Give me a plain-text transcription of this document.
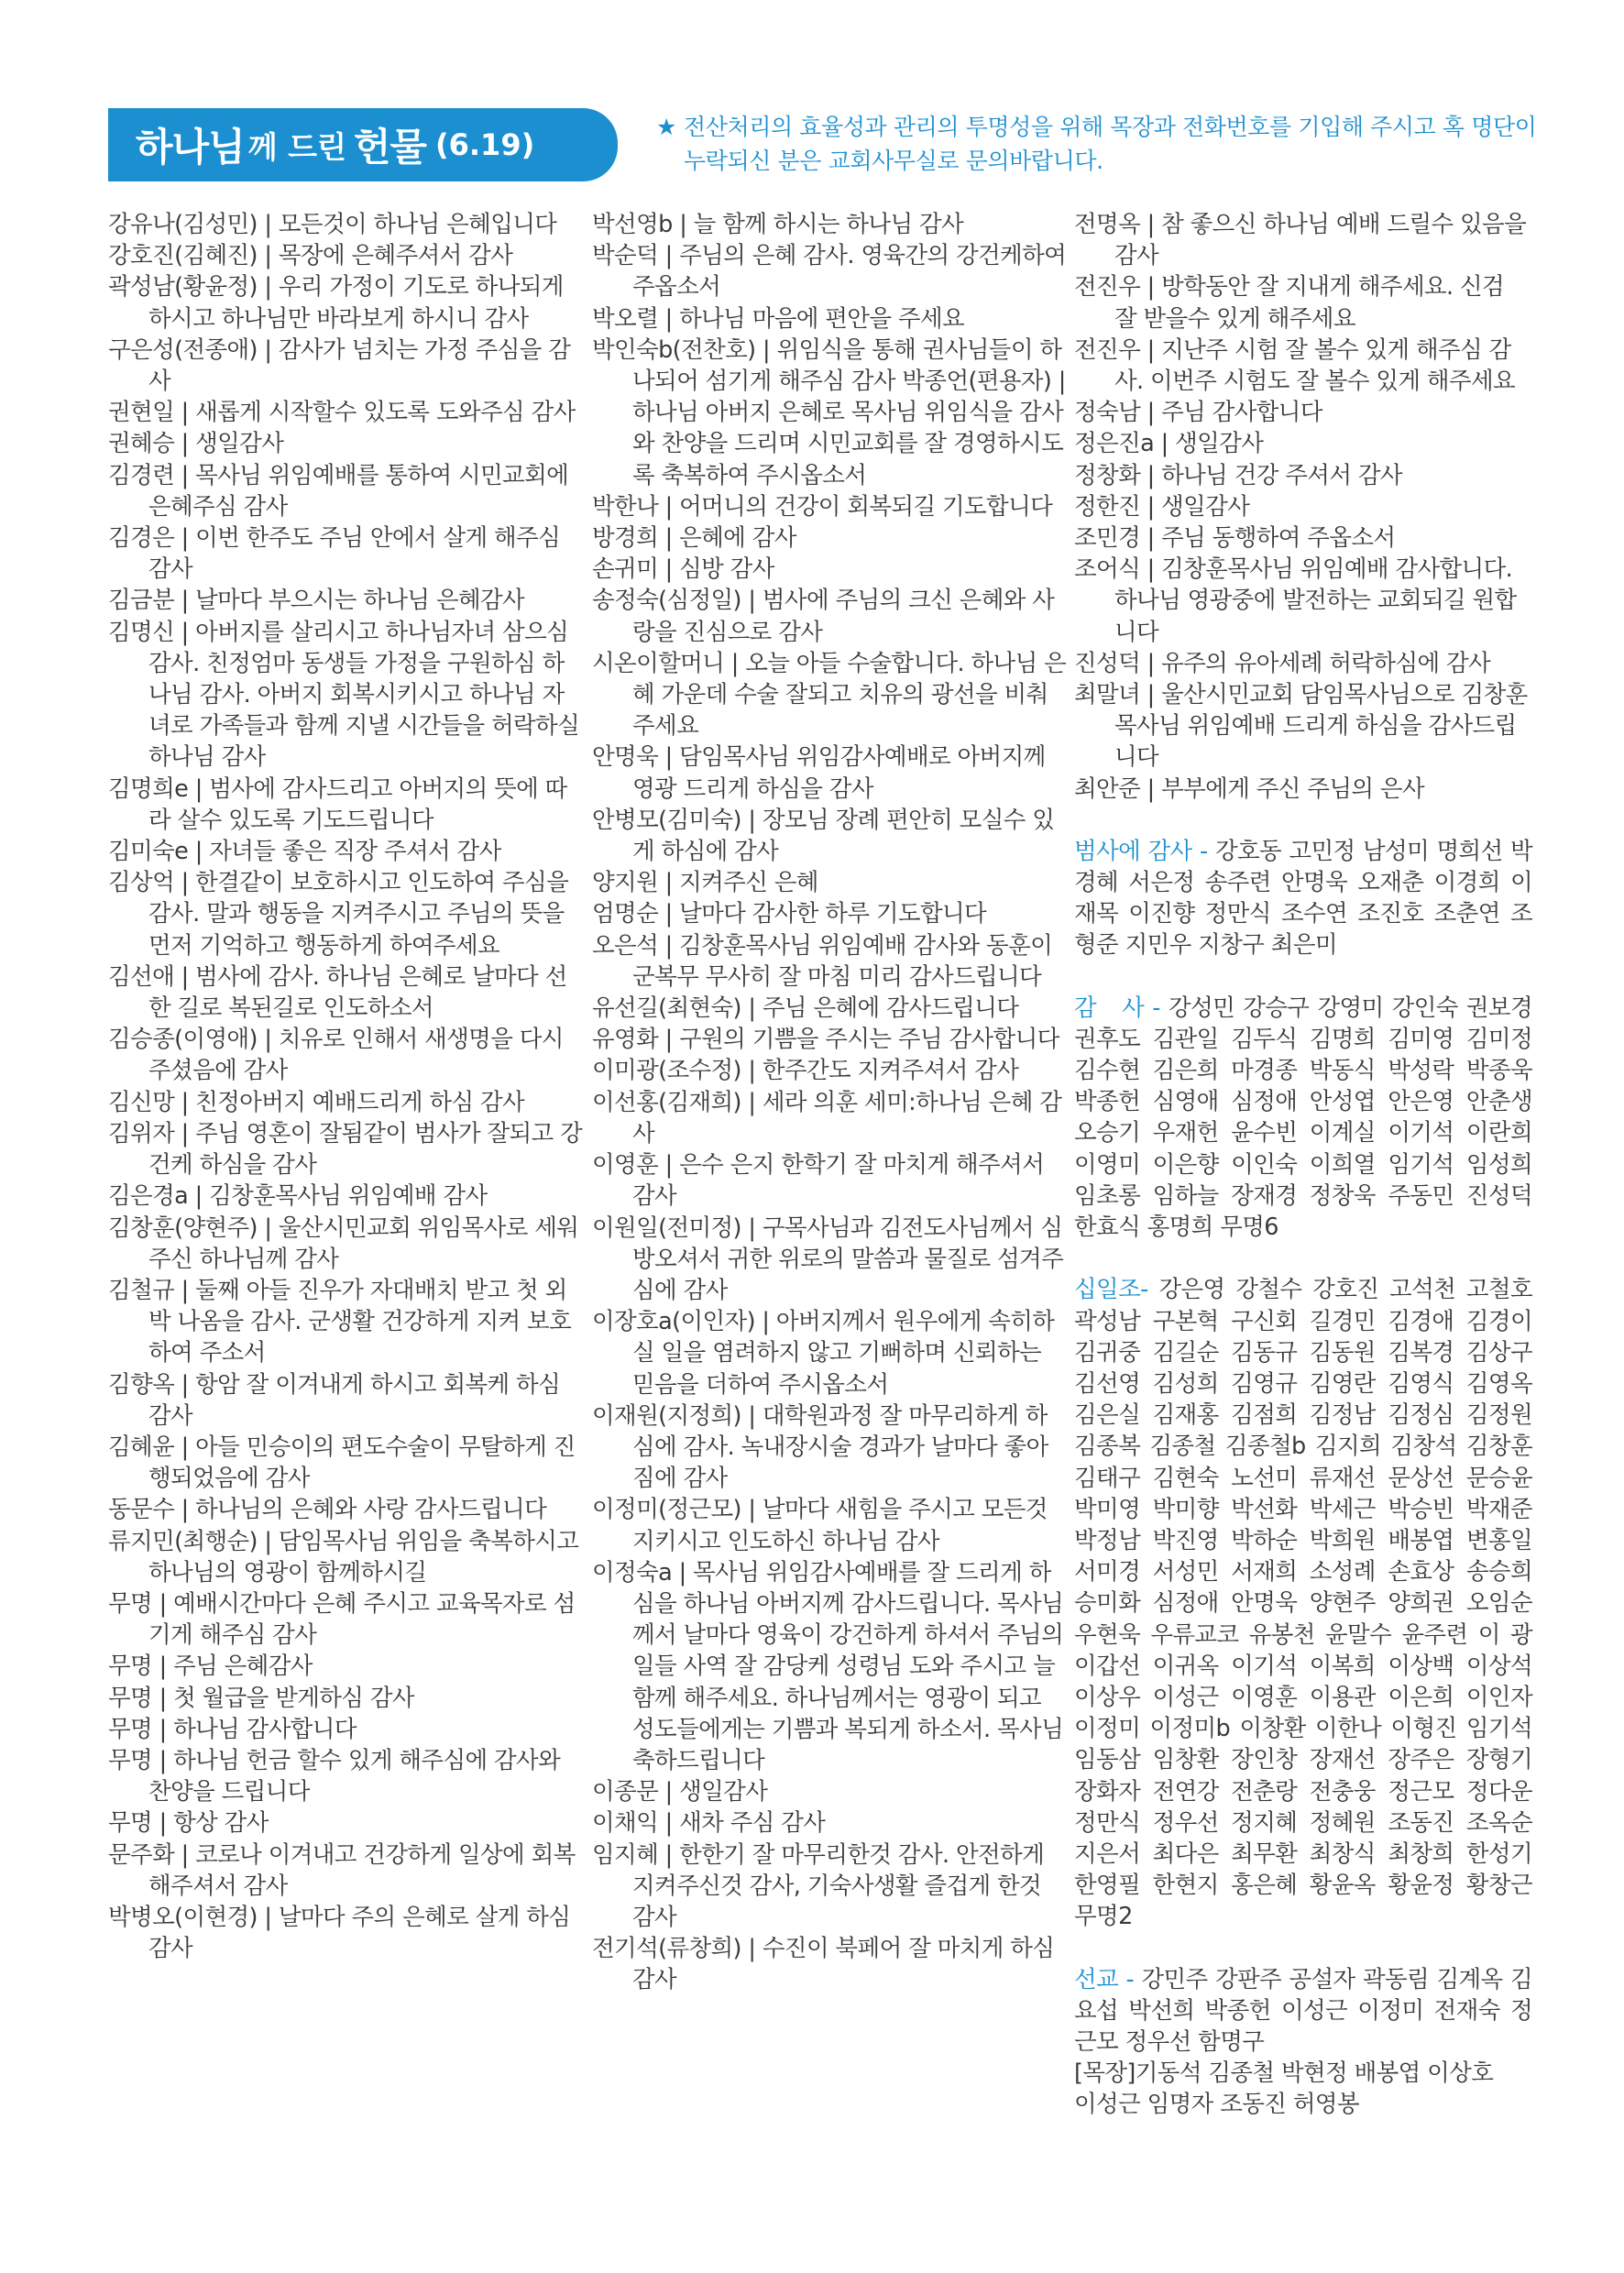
하나님 께 드린 헌물 (6.19)
★ 전산처리의 효율성과 관리의 투명성을 위해 목장과 전화번호를 기입해 주시고 혹 명단이 누락되신 분은 교회사무실로 문의바랍니다.
강유나(김성민) | 모든것이 하나님 은혜입니다
강호진(김혜진) | 목장에 은혜주셔서 감사
곽성남(황윤정) | 우리 가정이 기도로 하나되게 하시고 하나님만 바라보게 하시니 감사
구은성(전종애) | 감사가 넘치는 가정 주심을 감사
권현일 | 새롭게 시작할수 있도록 도와주심 감사
권혜승 | 생일감사
김경련 | 목사님 위임예배를 통하여 시민교회에 은혜주심 감사
김경은 | 이번 한주도 주님 안에서 살게 해주심 감사
김금분 | 날마다 부으시는 하나님 은혜감사
김명신 | 아버지를 살리시고 하나님자녀 삼으심 감사. 친정엄마 동생들 가정을 구원하심 하나님 감사. 아버지 회복시키시고 하나님 자녀로 가족들과 함께 지낼 시간들을 허락하실 하나님 감사
김명희e | 범사에 감사드리고 아버지의 뜻에 따라 살수 있도록 기도드립니다
김미숙e | 자녀들 좋은 직장 주셔서 감사
김상억 | 한결같이 보호하시고 인도하여 주심을 감사. 말과 행동을 지켜주시고 주님의 뜻을 먼저 기억하고 행동하게 하여주세요
김선애 | 범사에 감사. 하나님 은혜로 날마다 선한 길로 복된길로 인도하소서
김승종(이영애) | 치유로 인해서 새생명을 다시 주셨음에 감사
김신망 | 친정아버지 예배드리게 하심 감사
김위자 | 주님 영혼이 잘됨같이 범사가 잘되고 강건케 하심을 감사
김은경a | 김창훈목사님 위임예배 감사
김창훈(양현주) | 울산시민교회 위임목사로 세워주신 하나님께 감사
김철규 | 둘째 아들 진우가 자대배치 받고 첫 외박 나옴을 감사. 군생활 건강하게 지켜 보호하여 주소서
김향옥 | 항암 잘 이겨내게 하시고 회복케 하심 감사
김혜윤 | 아들 민승이의 편도수술이 무탈하게 진행되었음에 감사
동문수 | 하나님의 은혜와 사랑 감사드립니다
류지민(최행순) | 담임목사님 위임을 축복하시고 하나님의 영광이 함께하시길
무명 | 예배시간마다 은혜 주시고 교육목자로 섬기게 해주심 감사
무명 | 주님 은혜감사
무명 | 첫 월급을 받게하심 감사
무명 | 하나님 감사합니다
무명 | 하나님 헌금 할수 있게 해주심에 감사와 찬양을 드립니다
무명 | 항상 감사
문주화 | 코로나 이겨내고 건강하게 일상에 회복 해주셔서 감사
박병오(이현경) | 날마다 주의 은혜로 살게 하심 감사
박선영b | 늘 함께 하시는 하나님 감사
박순덕 | 주님의 은혜 감사. 영육간의 강건케하여 주옵소서
박오렬 | 하나님 마음에 편안을 주세요
박인숙b(전찬호) | 위임식을 통해 권사님들이 하나되어 섬기게 해주심 감사 박종언(편용자) | 하나님 아버지 은혜로 목사님 위임식을 감사와 찬양을 드리며 시민교회를 잘 경영하시도록 축복하여 주시옵소서
박한나 | 어머니의 건강이 회복되길 기도합니다
방경희 | 은혜에 감사
손귀미 | 심방 감사
송정숙(심정일) | 범사에 주님의 크신 은혜와 사랑을 진심으로 감사
시온이할머니 | 오늘 아들 수술합니다. 하나님 은혜 가운데 수술 잘되고 치유의 광선을 비춰주세요
안명욱 | 담임목사님 위임감사예배로 아버지께 영광 드리게 하심을 감사
안병모(김미숙) | 장모님 장례 편안히 모실수 있게 하심에 감사
양지원 | 지켜주신 은혜
엄명순 | 날마다 감사한 하루 기도합니다
오은석 | 김창훈목사님 위임예배 감사와 동훈이 군복무 무사히 잘 마침 미리 감사드립니다
유선길(최현숙) | 주님 은혜에 감사드립니다
유영화 | 구원의 기쁨을 주시는 주님 감사합니다
이미광(조수정) | 한주간도 지켜주셔서 감사
이선홍(김재희) | 세라 의훈 세미:하나님 은혜 감사
이영훈 | 은수 은지 한학기 잘 마치게 해주셔서 감사
이원일(전미정) | 구목사님과 김전도사님께서 심방오셔서 귀한 위로의 말씀과 물질로 섬겨주심에 감사
이장호a(이인자) | 아버지께서 원우에게 속히하실 일을 염려하지 않고 기뻐하며 신뢰하는 믿음을 더하여 주시옵소서
이재원(지정희) | 대학원과정 잘 마무리하게 하심에 감사. 녹내장시술 경과가 날마다 좋아짐에 감사
이정미(정근모) | 날마다 새힘을 주시고 모든것 지키시고 인도하신 하나님 감사
이정숙a | 목사님 위임감사예배를 잘 드리게 하심을 하나님 아버지께 감사드립니다. 목사님께서 날마다 영육이 강건하게 하셔서 주님의 일들 사역 잘 감당케 성령님 도와 주시고 늘 함께 해주세요. 하나님께서는 영광이 되고 성도들에게는 기쁨과 복되게 하소서. 목사님 축하드립니다
이종문 | 생일감사
이채익 | 새차 주심 감사
임지혜 | 한한기 잘 마무리한것 감사. 안전하게 지켜주신것 감사, 기숙사생활 즐겁게 한것 감사
전기석(류창희) | 수진이 북페어 잘 마치게 하심 감사
전명옥 | 참 좋으신 하나님 예배 드릴수 있음을 감사
전진우 | 방학동안 잘 지내게 해주세요. 신검 잘 받을수 있게 해주세요
전진우 | 지난주 시험 잘 볼수 있게 해주심 감사. 이번주 시험도 잘 볼수 있게 해주세요
정숙남 | 주님 감사합니다
정은진a | 생일감사
정창화 | 하나님 건강 주셔서 감사
정한진 | 생일감사
조민경 | 주님 동행하여 주옵소서
조어식 | 김창훈목사님 위임예배 감사합니다. 하나님 영광중에 발전하는 교회되길 원합니다
진성덕 | 유주의 유아세례 허락하심에 감사
최말녀 | 울산시민교회 담임목사님으로 김창훈목사님 위임예배 드리게 하심을 감사드립니다
최안준 | 부부에게 주신 주님의 은사
범사에 감사 - 강호동 고민정 남성미 명희선 박경혜 서은정 송주련 안명욱 오재춘 이경희 이재목 이진향 정만식 조수연 조진호 조춘연 조형준 지민우 지창구 최은미
감　사 - 강성민 강승구 강영미 강인숙 권보경 권후도 김관일 김두식 김명희 김미영 김미정 김수현 김은희 마경종 박동식 박성락 박종욱 박종헌 심영애 심정애 안성엽 안은영 안춘생 오승기 우재헌 윤수빈 이계실 이기석 이란희 이영미 이은향 이인숙 이희열 임기석 임성희 임초롱 임하늘 장재경 정창욱 주동민 진성덕 한효식 홍명희 무명6
십일조- 강은영 강철수 강호진 고석천 고철호 곽성남 구본혁 구신회 길경민 김경애 김경이 김귀중 김길순 김동규 김동원 김복경 김상구 김선영 김성희 김영규 김영란 김영식 김영옥 김은실 김재홍 김점희 김정남 김정심 김정원 김종복 김종철 김종철b 김지희 김창석 김창훈 김태구 김현숙 노선미 류재선 문상선 문승윤 박미영 박미향 박선화 박세근 박승빈 박재준 박정남 박진영 박하순 박희원 배봉엽 변홍일 서미경 서성민 서재희 소성례 손효상 송승희 승미화 심정애 안명욱 양현주 양희권 오임순 우현욱 우류교코 유봉천 윤말수 윤주련 이 광 이갑선 이귀옥 이기석 이복희 이상백 이상석 이상우 이성근 이영훈 이용관 이은희 이인자 이정미 이정미b 이창환 이한나 이형진 임기석 임동삼 임창환 장인창 장재선 장주은 장형기 장화자 전연강 전춘랑 전충웅 정근모 정다운 정만식 정우선 정지혜 정혜원 조동진 조옥순 지은서 최다은 최무환 최창식 최창희 한성기 한영필 한현지 홍은혜 황윤옥 황윤정 황창근 무명2
선교 - 강민주 강판주 공설자 곽동림 김계옥 김요섭 박선희 박종헌 이성근 이정미 전재숙 정근모 정우선 함명구
[목장]기동석 김종철 박현정 배봉엽 이상호
이성근 임명자 조동진 허영봉
